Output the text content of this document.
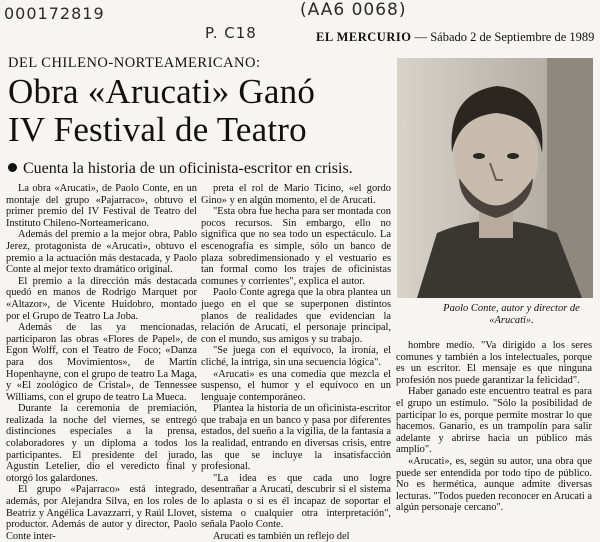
000172819
P. C18
(AA6 0068)
EL MERCURIO — Sábado 2 de Septiembre de 1989
DEL CHILENO-NORTEAMERICANO:
Obra «Arucati» Ganó
IV Festival de Teatro
Cuenta la historia de un oficinista-escritor en crisis.
Paolo Conte, autor y director de «Arucati».

La obra «Arucati», de Paolo Conte, en un montaje del grupo «Pajarraco», obtuvo el primer premio del IV Festival de Teatro del Instituto Chileno-Norteamericano.

Además del premio a la mejor obra, Pablo Jerez, protagonista de «Arucati», obtuvo el premio a la actuación más destacada, y Paolo Conte al mejor texto dramático original.

El premio a la dirección más destacada quedó en manos de Rodrigo Marquet por «Altazor», de Vicente Huidobro, montado por el Grupo de Teatro La Joba.

Además de las ya mencionadas, participaron las obras «Flores de Papel», de Egon Wolff, con el Teatro de Foco; «Danza para dos Movimientos», de Martín Hopenhayne, con el grupo de teatro La Maga, y «El zoológico de Cristal», de Tennessee Williams, con el grupo de teatro La Mueca.

Durante la ceremonia de premiación, realizada la noche del viernes, se entregó distinciones especiales a la prensa, colaboradores y un diploma a todos los participantes. El presidente del jurado, Agustín Letelier, dio el veredicto final y otorgó los galardones.

El grupo «Pajarraco» está integrado, además, por Alejandra Silva, en los roles de Beatriz y Angélica Lavazzarri, y Raúl Llovet, productor. Además de autor y director, Paolo Conte inter-

preta el rol de Mario Ticino, «el gordo Gino» y en algún momento, el de Arucati.

"Esta obra fue hecha para ser montada con pocos recursos. Sin embargo, ello no significa que no sea todo un espectáculo. La escenografía es simple, sólo un banco de plaza sobredimensionado y el vestuario es tan formal como los trajes de oficinistas comunes y corrientes", explica el autor.

Paolo Conte agrega que la obra plantea un juego en el que se superponen distintos planos de realidades que evidencian la relación de Arucati, el personaje principal, con el mundo, sus amigos y su trabajo.

"Se juega con el equívoco, la ironía, el cliché, la intriga, sin una secuencia lógica".

«Arucati» es una comedia que mezcla el suspenso, el humor y el equívoco en un lenguaje contemporáneo.

Plantea la historia de un oficinista-escritor que trabaja en un banco y pasa por diferentes estados, del sueño a la vigilia, de la fantasía a la realidad, entrando en diversas crisis, entre las que se incluye la insatisfacción profesional.

"La idea es que cada uno logre desentrañar a Arucati, descubrir si el sistema lo aplasta o si es él incapaz de soportar el sistema o cualquier otra interpretación", señala Paolo Conte.

Arucati es también un reflejo del

hombre medio. "Va dirigido a los seres comunes y también a los intelectuales, porque es un escritor. El mensaje es que ninguna profesión nos puede garantizar la felicidad".

Haber ganado este encuentro teatral es para el grupo un estímulo. "Sólo la posibilidad de participar lo es, porque permite mostrar lo que hacemos. Ganario, es un trampolín para salir adelante y abrirse hacia un público más amplio".

«Arucati», es, según su autor, una obra que puede ser entendida por todo tipo de público. No es hermética, aunque admite diversas lecturas. "Todos pueden reconocer en Arucati a algún personaje cercano".
